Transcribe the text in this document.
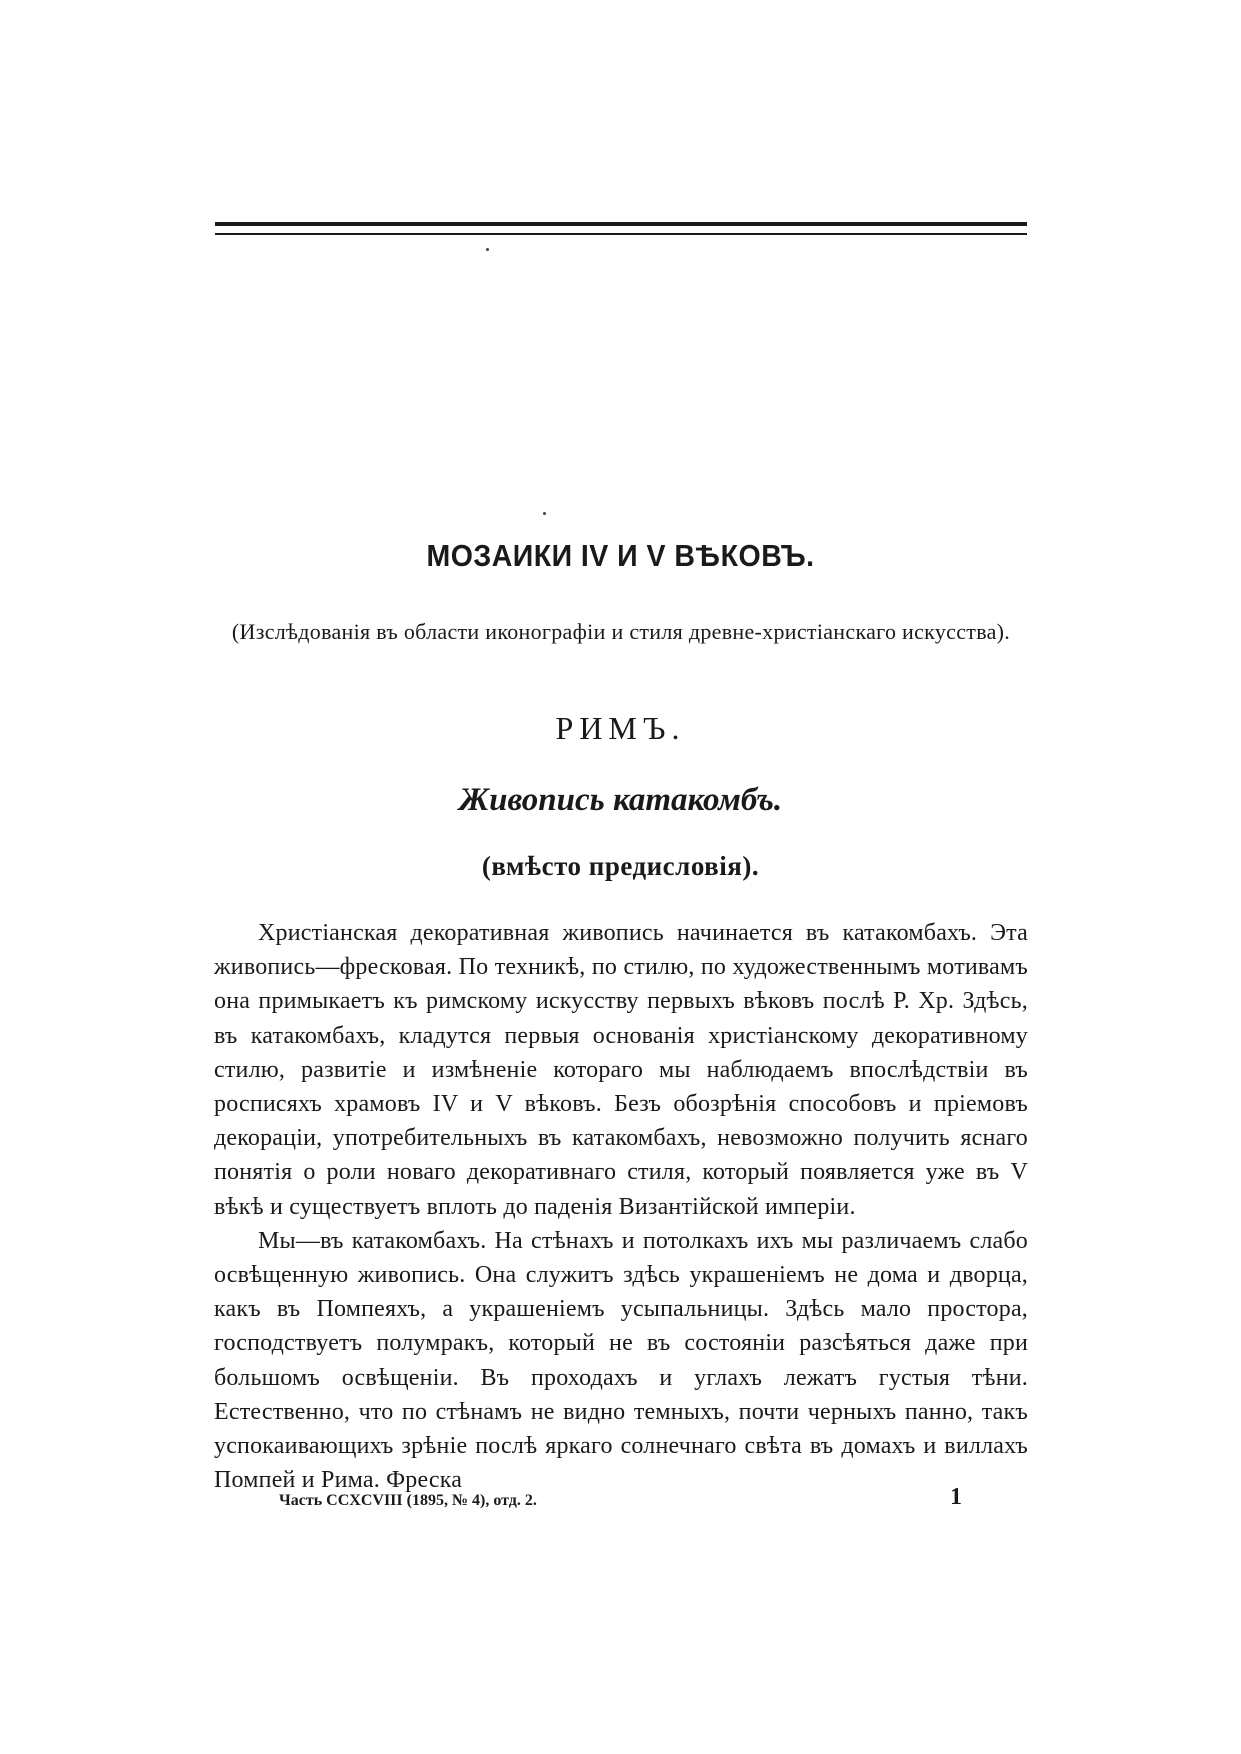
МОЗАИКИ IV И V ВѢКОВЪ.
(Изслѣдованія въ области иконографіи и стиля древне-христіанскаго искусства).
РИМЪ.
Живопись катакомбъ.
(вмѣсто предисловія).

Христіанская декоративная живопись начинается въ катакомбахъ. Эта живопись—фресковая. По техникѣ, по стилю, по художественнымъ мотивамъ она примыкаетъ къ римскому искусству первыхъ вѣковъ послѣ Р. Хр. Здѣсь, въ катакомбахъ, кладутся первыя основанія христіанскому декоративному стилю, развитіе и измѣненіе котораго мы наблюдаемъ впослѣдствіи въ росписяхъ храмовъ IV и V вѣковъ. Безъ обозрѣнія способовъ и пріемовъ декораціи, употребительныхъ въ катакомбахъ, невозможно получить яснаго понятія о роли новаго декоративнаго стиля, который появляется уже въ V вѣкѣ и существуетъ вплоть до паденія Византійской имперіи.

Мы—въ катакомбахъ. На стѣнахъ и потолкахъ ихъ мы различаемъ слабо освѣщенную живопись. Она служитъ здѣсь украшеніемъ не дома и дворца, какъ въ Помпеяхъ, а украшеніемъ усыпальницы. Здѣсь мало простора, господствуетъ полумракъ, который не въ состояніи разсѣяться даже при большомъ освѣщеніи. Въ проходахъ и углахъ лежатъ густыя тѣни. Естественно, что по стѣнамъ не видно темныхъ, почти черныхъ панно, такъ успокаивающихъ зрѣніе послѣ яркаго солнечнаго свѣта въ домахъ и виллахъ Помпей и Рима. Фреска

Часть CCXCVIII (1895, № 4), отд. 2.	1
